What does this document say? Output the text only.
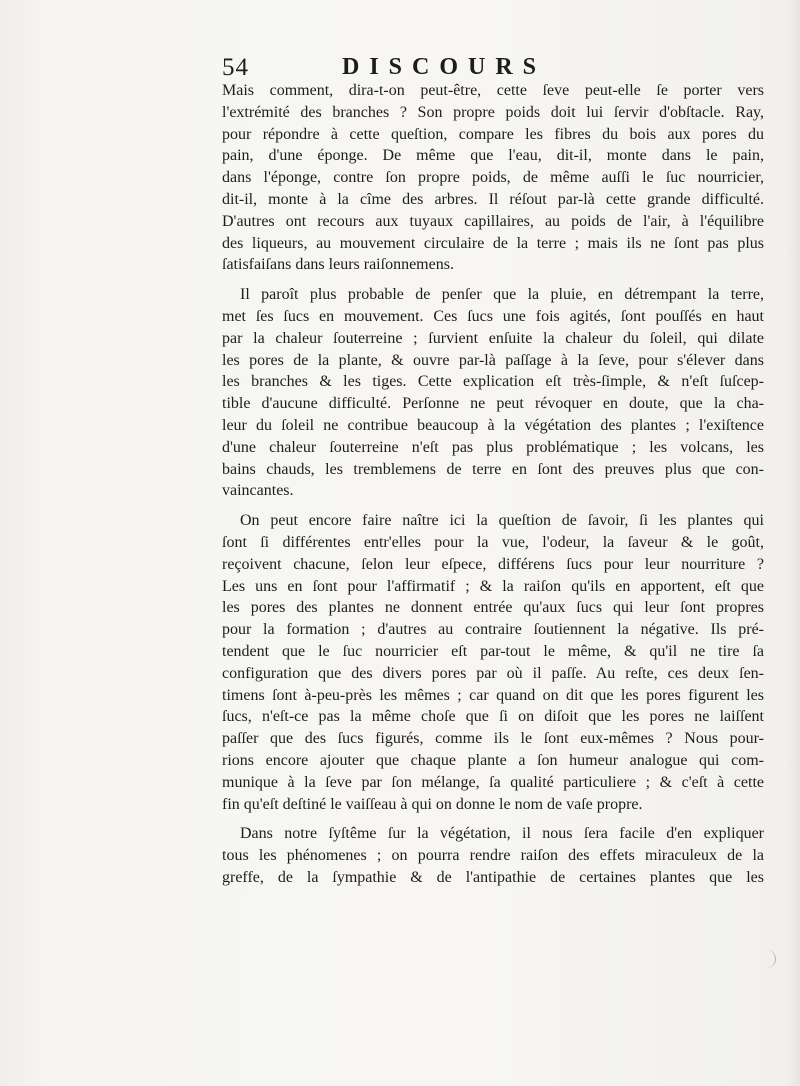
54	DISCOURS
Mais comment, dira-t-on peut-être, cette ſeve peut-elle ſe porter vers
l'extrémité des branches ? Son propre poids doit lui ſervir d'obſtacle. Ray,
pour répondre à cette queſtion, compare les fibres du bois aux pores du
pain, d'une éponge. De même que l'eau, dit-il, monte dans le pain,
dans l'éponge, contre ſon propre poids, de même auſſi le ſuc nourricier,
dit-il, monte à la cîme des arbres. Il réſout par-là cette grande difficulté.
D'autres ont recours aux tuyaux capillaires, au poids de l'air, à l'équilibre
des liqueurs, au mouvement circulaire de la terre ; mais ils ne ſont pas plus
ſatisfaiſans dans leurs raiſonnemens.
Il paroît plus probable de penſer que la pluie, en détrempant la terre,
met ſes ſucs en mouvement. Ces ſucs une fois agités, ſont pouſſés en haut
par la chaleur ſouterreine ; ſurvient enſuite la chaleur du ſoleil, qui dilate
les pores de la plante, & ouvre par-là paſſage à la ſeve, pour s'élever dans
les branches & les tiges. Cette explication eſt très-ſimple, & n'eſt ſuſcep-
tible d'aucune difficulté. Perſonne ne peut révoquer en doute, que la cha-
leur du ſoleil ne contribue beaucoup à la végétation des plantes ; l'exiſtence
d'une chaleur ſouterreine n'eſt pas plus problématique ; les volcans, les
bains chauds, les tremblemens de terre en ſont des preuves plus que con-
vaincantes.
On peut encore faire naître ici la queſtion de ſavoir, ſi les plantes qui
ſont ſi différentes entr'elles pour la vue, l'odeur, la ſaveur & le goût,
reçoivent chacune, ſelon leur eſpece, différens ſucs pour leur nourriture ?
Les uns en ſont pour l'affirmatif ; & la raiſon qu'ils en apportent, eſt que
les pores des plantes ne donnent entrée qu'aux ſucs qui leur ſont propres
pour la formation ; d'autres au contraire ſoutiennent la négative. Ils pré-
tendent que le ſuc nourricier eſt par-tout le même, & qu'il ne tire ſa
configuration que des divers pores par où il paſſe. Au reſte, ces deux ſen-
timens ſont à-peu-près les mêmes ; car quand on dit que les pores figurent les
ſucs, n'eſt-ce pas la même choſe que ſi on diſoit que les pores ne laiſſent
paſſer que des ſucs figurés, comme ils le ſont eux-mêmes ? Nous pour-
rions encore ajouter que chaque plante a ſon humeur analogue qui com-
munique à la ſeve par ſon mélange, ſa qualité particuliere ; & c'eſt à cette
fin qu'eſt deſtiné le vaiſſeau à qui on donne le nom de vaſe propre.
Dans notre ſyſtême ſur la végétation, il nous ſera facile d'en expliquer
tous les phénomenes ; on pourra rendre raiſon des effets miraculeux de la
greffe, de la ſympathie & de l'antipathie de certaines plantes que les
